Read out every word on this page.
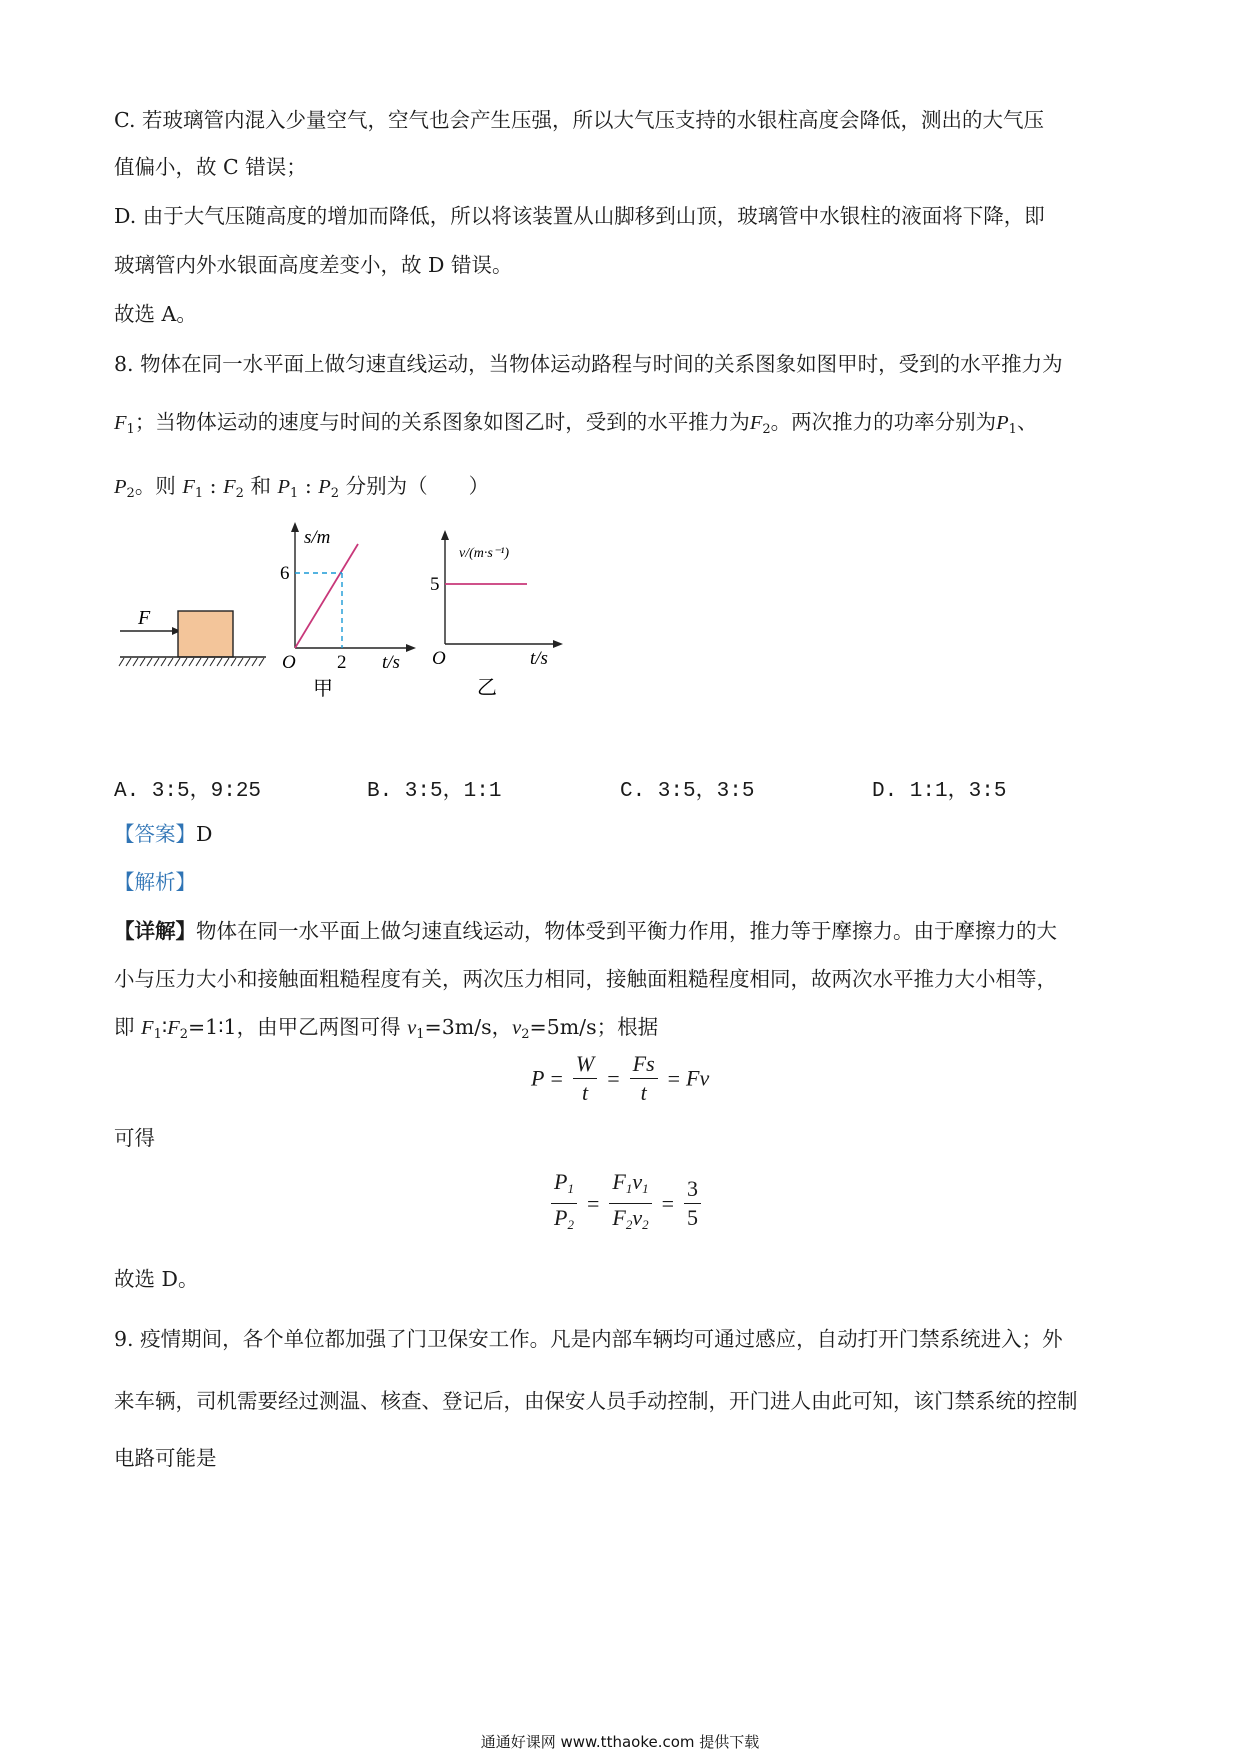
C. 若玻璃管内混入少量空气，空气也会产生压强，所以大气压支持的水银柱高度会降低，测出的大气压
值偏小，故 C 错误；
D. 由于大气压随高度的增加而降低，所以将该装置从山脚移到山顶，玻璃管中水银柱的液面将下降，即
玻璃管内外水银面高度差变小，故 D 错误。
故选 A。
8. 物体在同一水平面上做匀速直线运动，当物体运动路程与时间的关系图象如图甲时，受到的水平推力为
$F_1$；当物体运动的速度与时间的关系图象如图乙时，受到的水平推力为$F_2$。两次推力的功率分别为$P_1$、
$P_2$。则 $F_1$ : $F_2$ 和 $P_1$ : $P_2$ 分别为（　　）
F
s/m
6
O 2 t/s
甲
v/(m·s⁻¹)
5
O	t/s
乙
A. 3:5，9:25	B. 3:5，1:1	C. 3:5，3:5	D. 1:1，3:5
【答案】D
【解析】
【详解】物体在同一水平面上做匀速直线运动，物体受到平衡力作用，推力等于摩擦力。由于摩擦力的大
小与压力大小和接触面粗糙程度有关，两次压力相同，接触面粗糙程度相同，故两次水平推力大小相等，
即 $F_1∶F_2=1∶1$，由甲乙两图可得 $v_1=3m/s$，$v_2=5m/s$；根据
$P = \frac{W}{t} = \frac{Fs}{t} = Fv$
可得
$\frac{P_1}{P_2} = \frac{F_1v_1}{F_2v_2} = \frac{3}{5}$
故选 D。
9. 疫情期间，各个单位都加强了门卫保安工作。凡是内部车辆均可通过感应，自动打开门禁系统进入；外
来车辆，司机需要经过测温、核查、登记后，由保安人员手动控制，开门进人由此可知，该门禁系统的控制
电路可能是
通通好课网 www.tthaoke.com 提供下载
